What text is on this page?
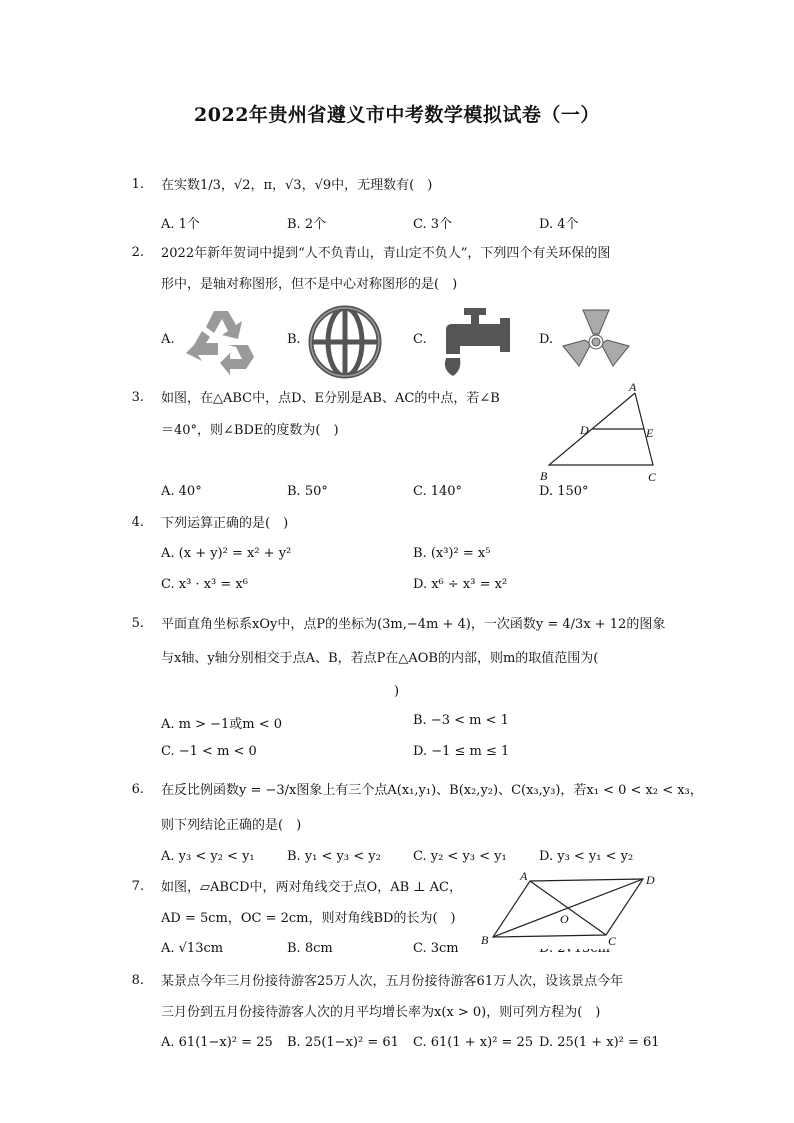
2022年贵州省遵义市中考数学模拟试卷（一）
1. 在实数1/3，√2，π，√3，√9中，无理数有(　)
A. 1个	B. 2个	C. 3个	D. 4个
2. 2022年新年贺词中提到“人不负青山，青山定不负人”，下列四个有关环保的图
形中，是轴对称图形，但不是中心对称图形的是(　)
A.	B.	C.	D.
3. 如图，在△ABC中，点D、E分别是AB、AC的中点，若∠B
＝40°，则∠BDE的度数为(　)
A
D	E
B	C
A. 40°	B. 50°	C. 140°	D. 150°
4. 下列运算正确的是(　)
A. (x + y)² = x² + y²	B. (x³)² = x⁵
C. x³ · x³ = x⁶	D. x⁶ ÷ x³ = x²
5. 平面直角坐标系xOy中，点P的坐标为(3m,−4m + 4)，一次函数y = 4/3x + 12的图象
与x轴、y轴分别相交于点A、B，若点P在△AOB的内部，则m的取值范围为(
)
A. m > −1或m < 0	B. −3 < m < 1
C. −1 < m < 0	D. −1 ≤ m ≤ 1
6. 在反比例函数y = −3/x图象上有三个点A(x₁,y₁)、B(x₂,y₂)、C(x₃,y₃)，若x₁ < 0 < x₂ < x₃，
则下列结论正确的是(　)
A. y₃ < y₂ < y₁ B. y₁ < y₃ < y₂ C. y₂ < y₃ < y₁ D. y₃ < y₁ < y₂
7. 如图，▱ABCD中，两对角线交于点O，AB ⊥ AC，
AD = 5cm，OC = 2cm，则对角线BD的长为(　)
A. √13cm	B. 8cm	C. 3cm
A	D
O
B	C
8. 某景点今年三月份接待游客25万人次，五月份接待游客61万人次，设该景点今年
三月份到五月份接待游客人次的月平均增长率为x(x > 0)，则可列方程为(　)
A. 61(1−x)² = 25 B. 25(1−x)² = 61 C. 61(1 + x)² = 25 D. 25(1 + x)² = 61
